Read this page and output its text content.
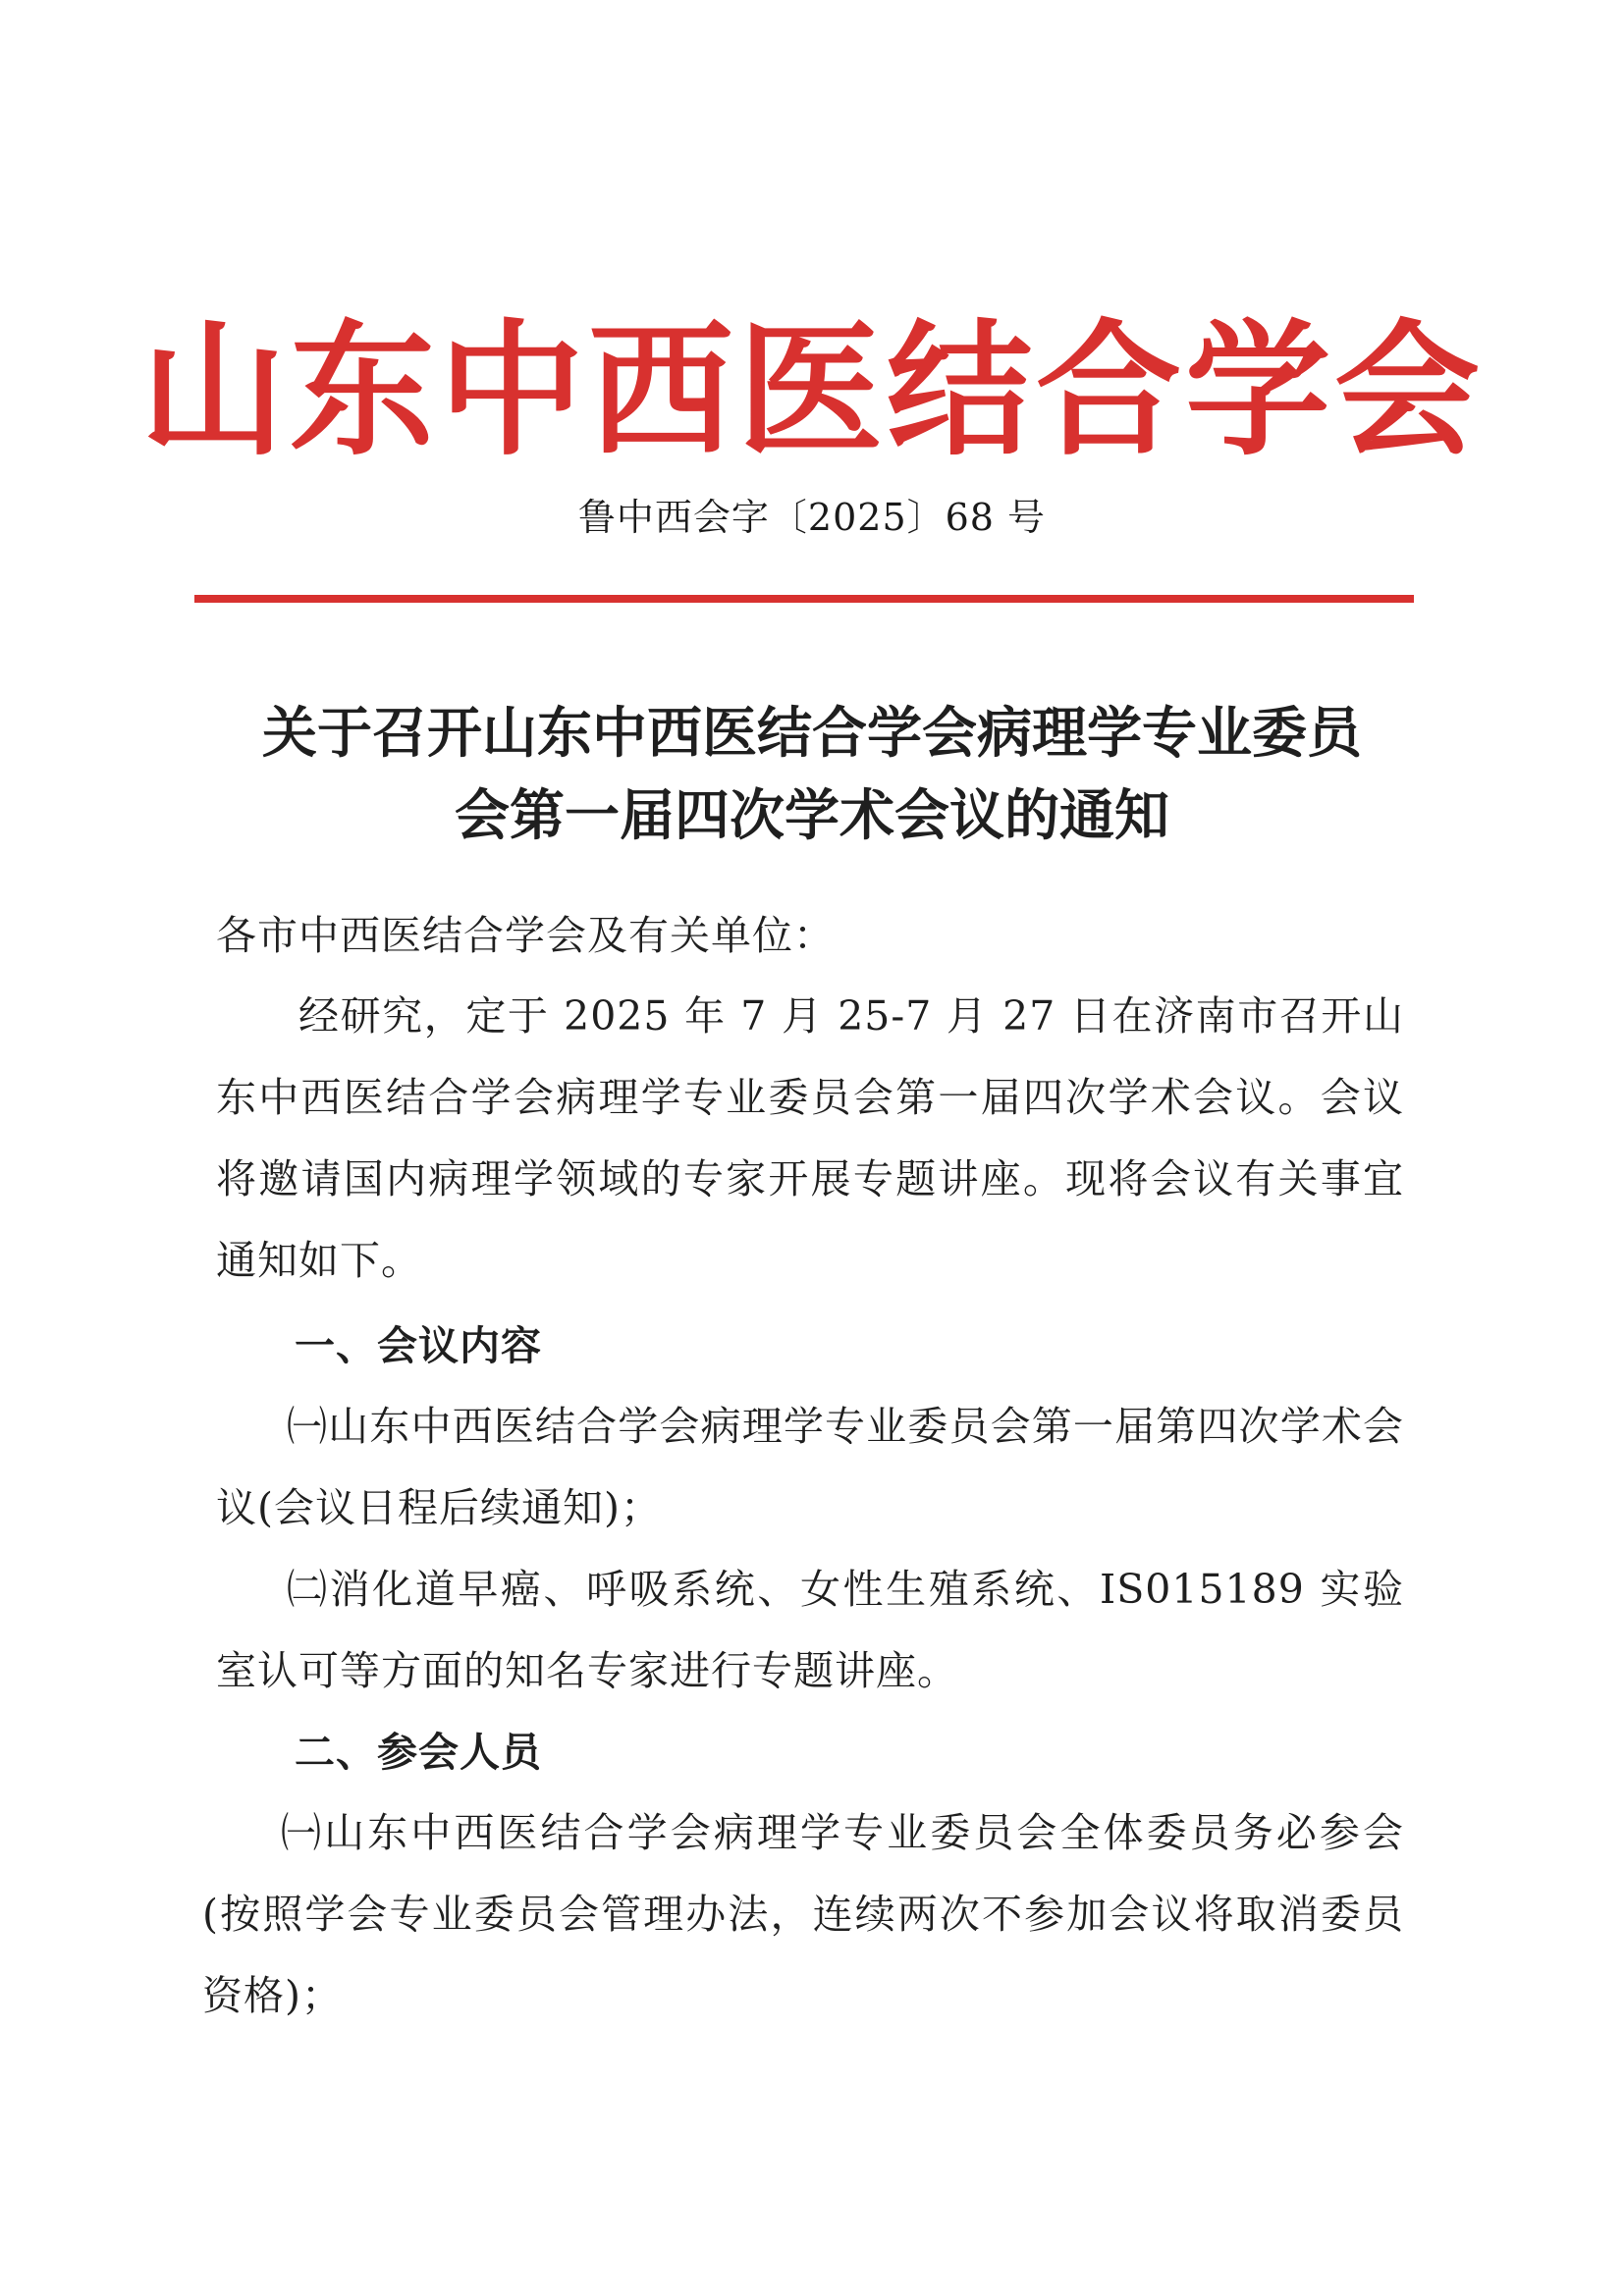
山东中西医结合学会
鲁中西会字〔2025〕68 号
关于召开山东中西医结合学会病理学专业委员会第一届四次学术会议的通知
各市中西医结合学会及有关单位：
经研究，定于 2025 年 7 月 25-7 月 27 日在济南市召开山东中西医结合学会病理学专业委员会第一届四次学术会议。会议将邀请国内病理学领域的专家开展专题讲座。现将会议有关事宜通知如下。
一、会议内容
㈠山东中西医结合学会病理学专业委员会第一届第四次学术会议(会议日程后续通知)；
㈡消化道早癌、呼吸系统、女性生殖系统、IS015189 实验室认可等方面的知名专家进行专题讲座。
二、参会人员
㈠山东中西医结合学会病理学专业委员会全体委员务必参会(按照学会专业委员会管理办法，连续两次不参加会议将取消委员资格)；
